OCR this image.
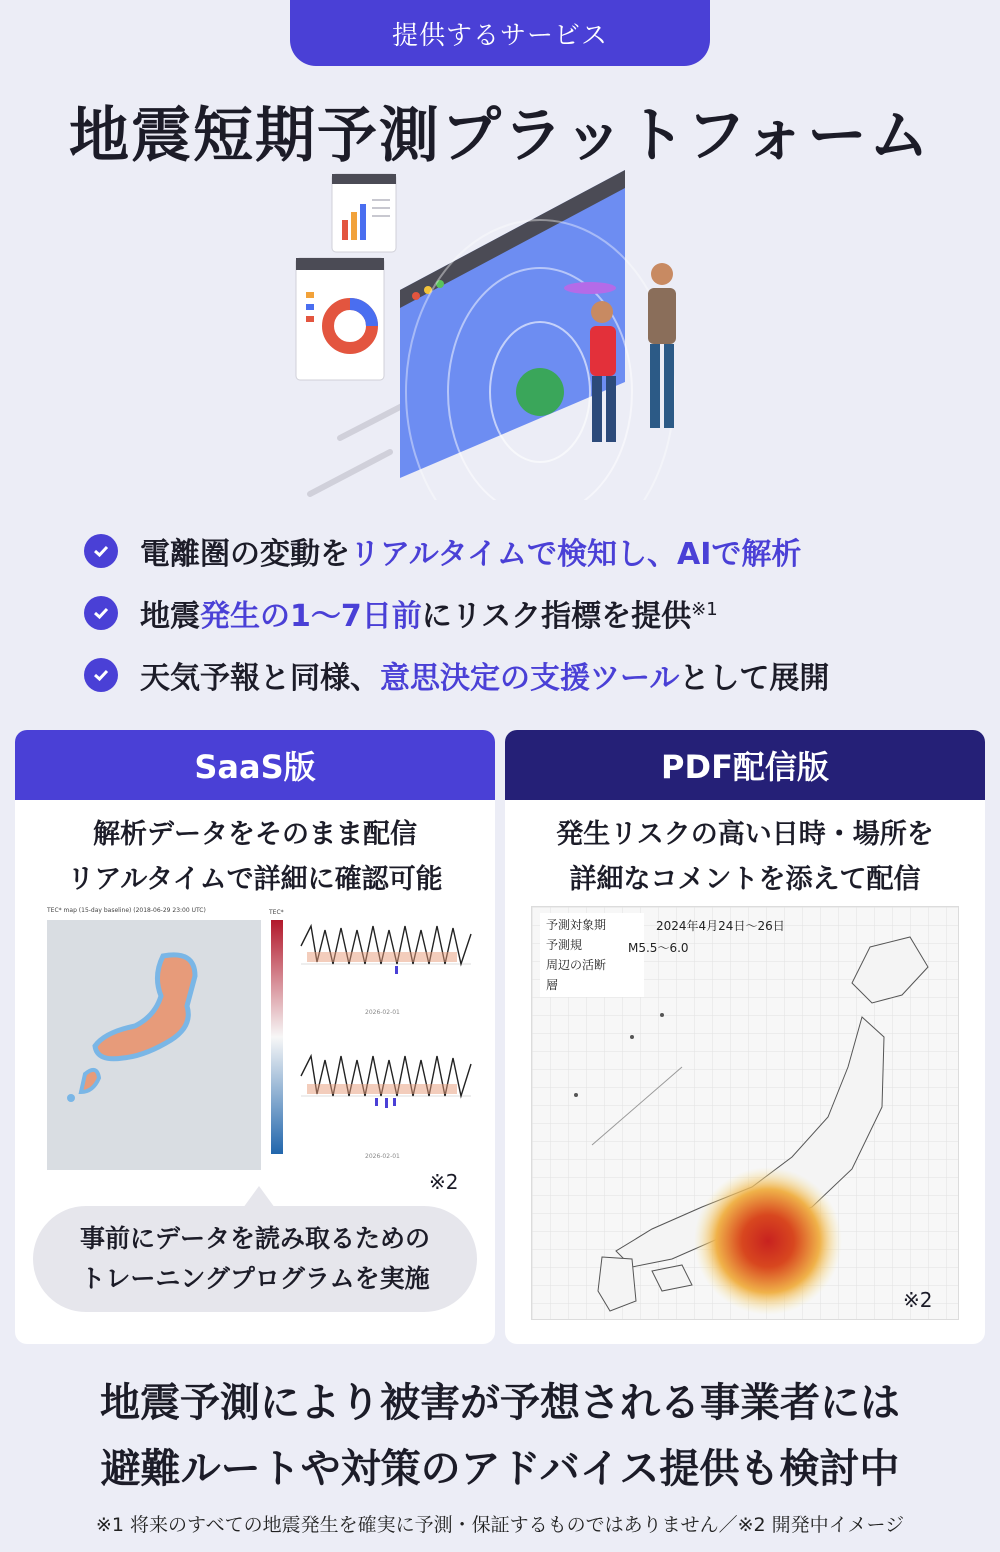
提供するサービス
地震短期予測プラットフォーム
電離圏の変動をリアルタイムで検知し、AIで解析
地震発生の1〜7日前にリスク指標を提供$^{※1}$
天気予報と同様、意思決定の支援ツールとして展開
SaaS版
解析データをそのまま配信
リアルタイムで詳細に確認可能
TEC* map (15-day baseline) (2018-06-29 23:00 UTC)	TEC*
2026-02-01
2026-02-01
※2
事前にデータを読み取るための
トレーニングプログラムを実施
PDF配信版
発生リスクの高い日時・場所を
詳細なコメントを添えて配信
予測対象期
予測規
周辺の活断
層
2024年4月24日〜26日
M5.5〜6.0
※2
地震予測により被害が予想される事業者には
避難ルートや対策のアドバイス提供も検討中
※1 将来のすべての地震発生を確実に予測・保証するものではありません／※2 開発中イメージ
